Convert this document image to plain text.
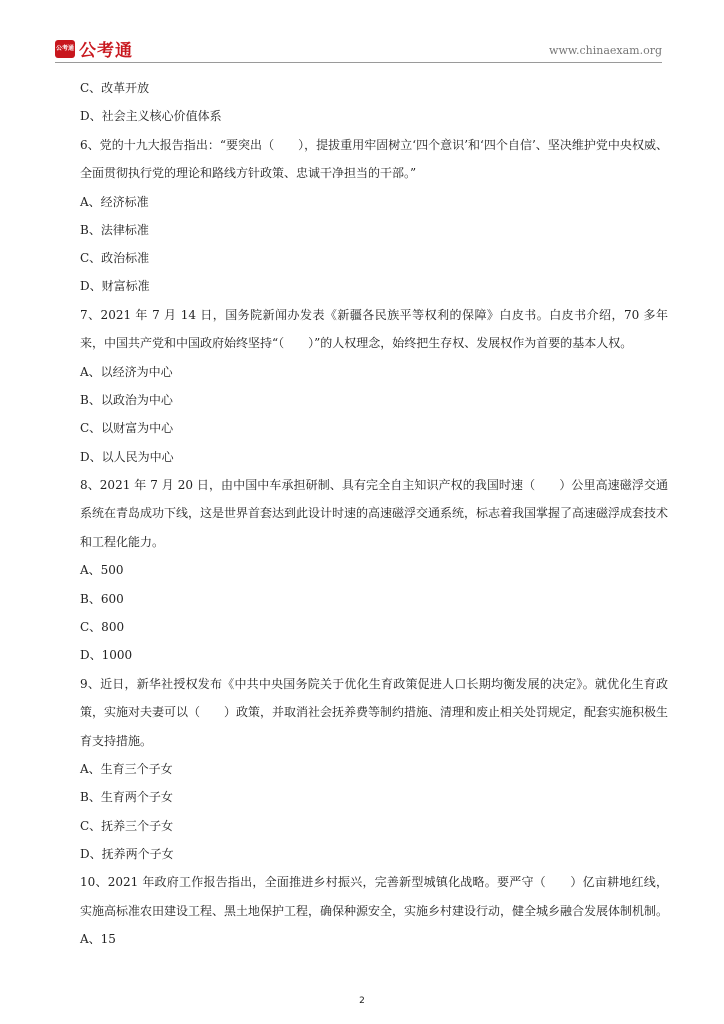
公考通 公考通	www.chinaexam.org
C、改革开放
D、社会主义核心价值体系
6、党的十九大报告指出：“要突出（　　），提拔重用牢固树立‘四个意识’和‘四个自信’、坚决维护党中央权威、全面贯彻执行党的理论和路线方针政策、忠诚干净担当的干部。”
A、经济标准
B、法律标准
C、政治标准
D、财富标准
7、2021 年 7 月 14 日，国务院新闻办发表《新疆各民族平等权利的保障》白皮书。白皮书介绍，70 多年来，中国共产党和中国政府始终坚持“（　　）”的人权理念，始终把生存权、发展权作为首要的基本人权。
A、以经济为中心
B、以政治为中心
C、以财富为中心
D、以人民为中心
8、2021 年 7 月 20 日，由中国中车承担研制、具有完全自主知识产权的我国时速（　　）公里高速磁浮交通系统在青岛成功下线，这是世界首套达到此设计时速的高速磁浮交通系统，标志着我国掌握了高速磁浮成套技术和工程化能力。
A、500
B、600
C、800
D、1000
9、近日，新华社授权发布《中共中央国务院关于优化生育政策促进人口长期均衡发展的决定》。就优化生育政策，实施对夫妻可以（　　）政策，并取消社会抚养费等制约措施、清理和废止相关处罚规定，配套实施积极生育支持措施。
A、生育三个子女
B、生育两个子女
C、抚养三个子女
D、抚养两个子女
10、2021 年政府工作报告指出，全面推进乡村振兴，完善新型城镇化战略。要严守（　　）亿亩耕地红线，实施高标准农田建设工程、黑土地保护工程，确保种源安全，实施乡村建设行动，健全城乡融合发展体制机制。
A、15
2
